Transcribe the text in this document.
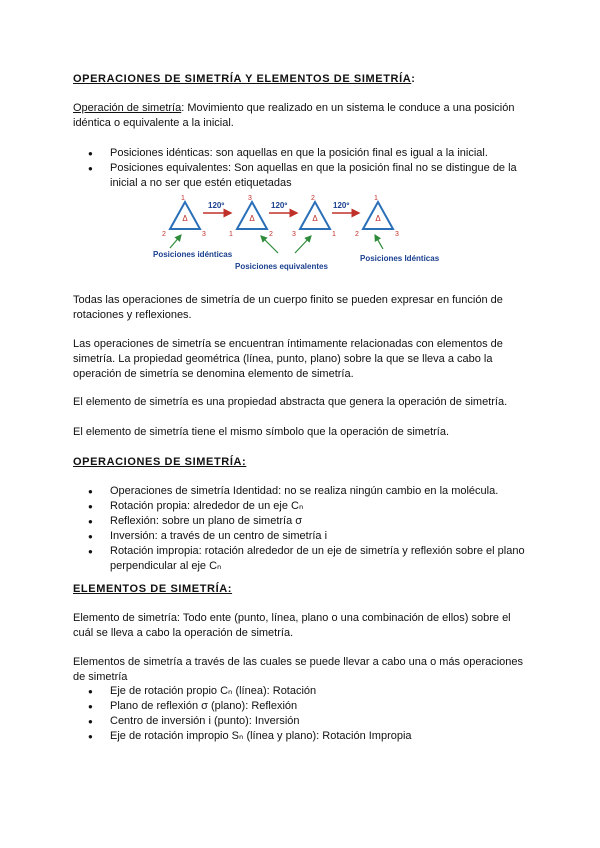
OPERACIONES DE SIMETRÍA Y ELEMENTOS DE SIMETRÍA:

Operación de simetría: Movimiento que realizado en un sistema le conduce a una posición idéntica o equivalente a la inicial.

● Posiciones idénticas: son aquellas en que la posición final es igual a la inicial.
● Posiciones equivalentes: Son aquellas en que la posición final no se distingue de la inicial a no ser que estén etiquetadas
Δ
1
2	3
120º
Δ
3
1	2
120º
Δ
2
3	1
120º
Δ
1
2	3
Posiciones idénticas
Posiciones equivalentes
Posiciones Idénticas

Todas las operaciones de simetría de un cuerpo finito se pueden expresar en función de rotaciones y reflexiones.

Las operaciones de simetría se encuentran íntimamente relacionadas con elementos de simetría. La propiedad geométrica (línea, punto, plano) sobre la que se lleva a cabo la operación de simetría se denomina elemento de simetría.

El elemento de simetría es una propiedad abstracta que genera la operación de simetría.

El elemento de simetría tiene el mismo símbolo que la operación de simetría.

OPERACIONES DE SIMETRÍA:

● Operaciones de simetría Identidad: no se realiza ningún cambio en la molécula.
● Rotación propia: alrededor de un eje Cₙ
● Reflexión: sobre un plano de simetría σ
● Inversión: a través de un centro de simetría i
● Rotación impropia: rotación alrededor de un eje de simetría y reflexión sobre el plano perpendicular al eje Cₙ

ELEMENTOS DE SIMETRÍA:

Elemento de simetría: Todo ente (punto, línea, plano o una combinación de ellos) sobre el cuál se lleva a cabo la operación de simetría.

Elementos de simetría a través de las cuales se puede llevar a cabo una o más operaciones de simetría

● Eje de rotación propio Cₙ (línea): Rotación
● Plano de reflexión σ (plano): Reflexión
● Centro de inversión i (punto): Inversión
● Eje de rotación impropio Sₙ (línea y plano): Rotación Impropia
